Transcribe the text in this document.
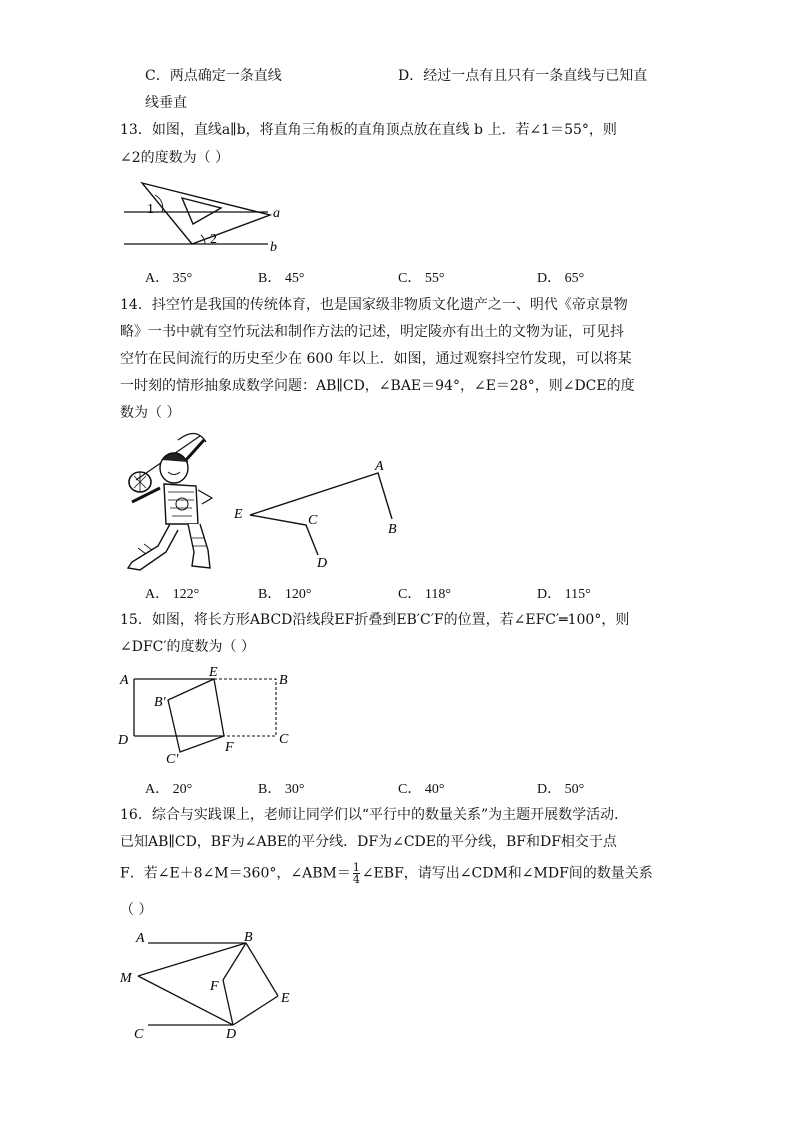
C．两点确定一条直线	D．经过一点有且只有一条直线与已知直
线垂直
13．如图，直线a∥b，将直角三角板的直角顶点放在直线 b 上．若∠1＝55°，则
∠2的度数为（ ）
1
2
a
b
A． 35°	B． 45°	C． 55°	D． 65°
14．抖空竹是我国的传统体育，也是国家级非物质文化遗产之一、明代《帝京景物
略》一书中就有空竹玩法和制作方法的记述，明定陵亦有出土的文物为证，可见抖
空竹在民间流行的历史至少在 600 年以上．如图，通过观察抖空竹发现，可以将某
一时刻的情形抽象成数学问题：AB∥CD，∠BAE＝94°，∠E＝28°，则∠DCE的度
数为（ ）
A
B
C
D
E
A． 122°	B． 120°	C． 118°	D． 115°
15．如图，将长方形ABCD沿线段EF折叠到EB′C′F的位置，若∠EFC′═100°，则
∠DFC′的度数为（ ）
A	B
C
D
E
F
B′
C′
A． 20°	B． 30°	C． 40°	D． 50°
16．综合与实践课上，老师让同学们以“平行中的数量关系”为主题开展数学活动．
已知AB∥CD，BF为∠ABE的平分线．DF为∠CDE的平分线，BF和DF相交于点
F．若∠E＋8∠M＝360°，∠ABM＝ $\frac{1}{4}$ ∠EBF，请写出∠CDM和∠MDF间的数量关系
（ ）
A	B
C	D
E
F
M
